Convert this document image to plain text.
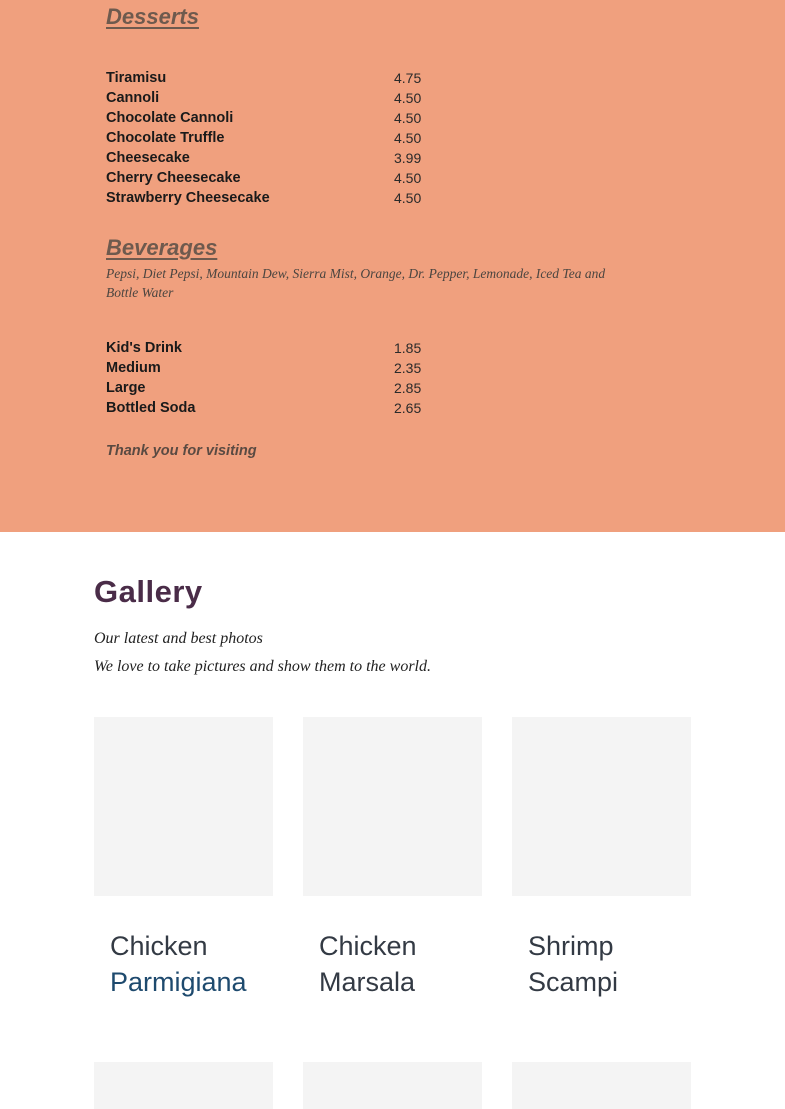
Desserts
Tiramisu	4.75
Cannoli	4.50
Chocolate Cannoli	4.50
Chocolate Truffle	4.50
Cheesecake	3.99
Cherry Cheesecake	4.50
Strawberry Cheesecake	4.50
Beverages

Pepsi, Diet Pepsi, Mountain Dew, Sierra Mist, Orange, Dr. Pepper, Lemonade, Iced Tea and Bottle Water

Kid's Drink	1.85
Medium	2.35
Large	2.85
Bottled Soda	2.65

Thank you for visiting

Gallery

Our latest and best photos

We love to take pictures and show them to the world.

Chicken
Parmigiana
Chicken
Marsala
Shrimp
Scampi
